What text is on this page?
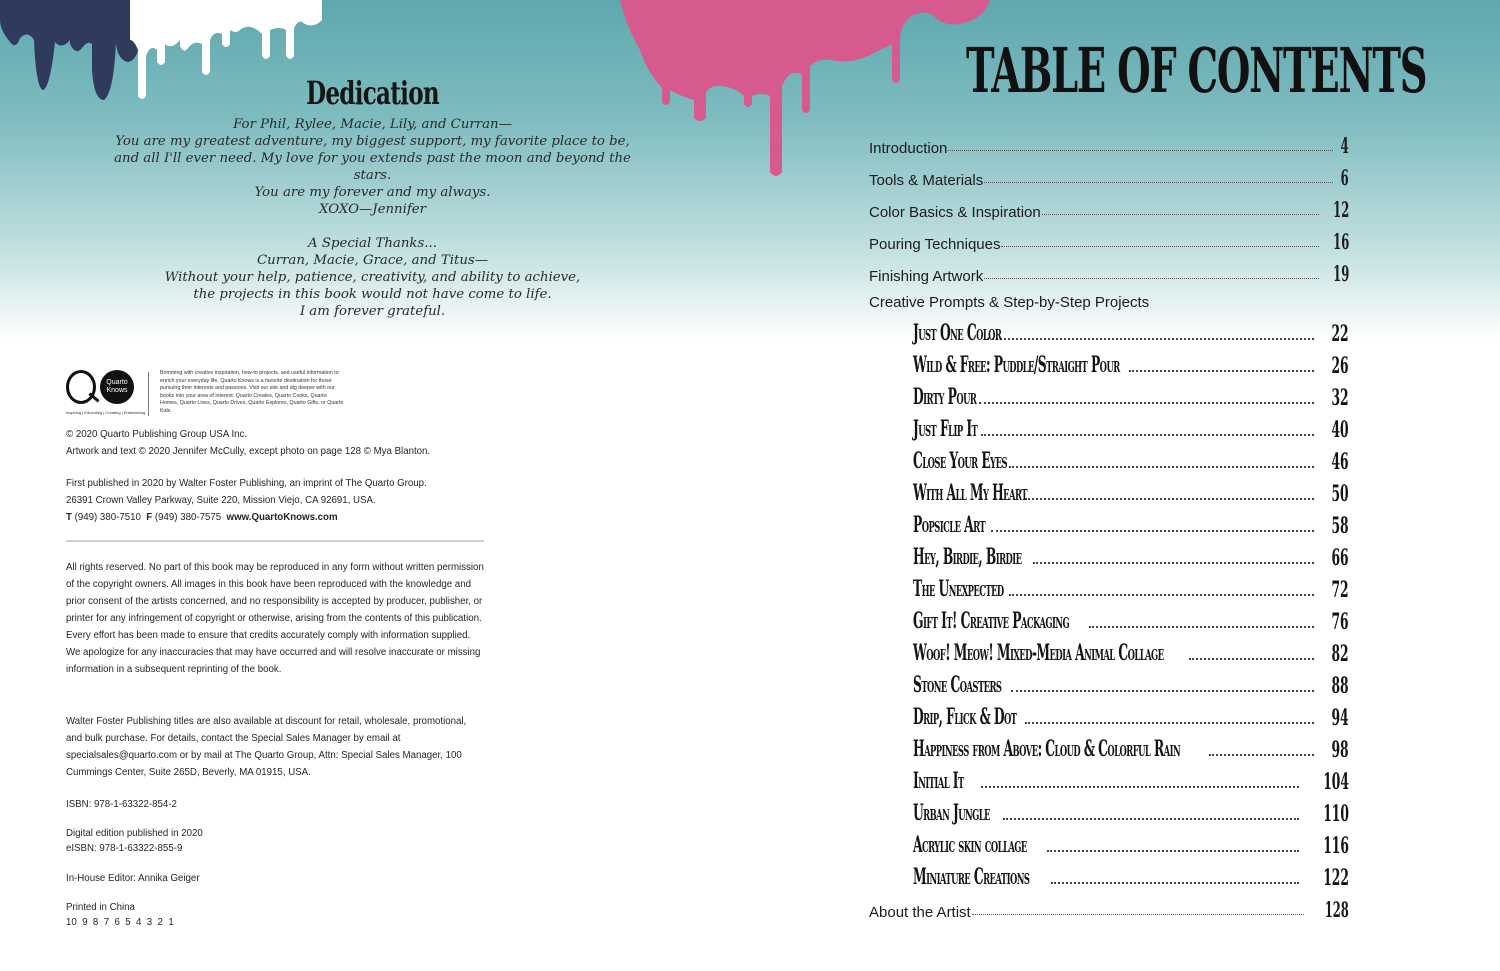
Dedication
For Phil, Rylee, Macie, Lily, and Curran—
You are my greatest adventure, my biggest support, my favorite place to be,
and all I'll ever need. My love for you extends past the moon and beyond the stars.
You are my forever and my always.
XOXO—Jennifer
A Special Thanks...
Curran, Macie, Grace, and Titus—
Without your help, patience, creativity, and ability to achieve,
the projects in this book would not have come to life.
I am forever grateful.
Quarto
Knows
Inspiring | Educating | Creating | Entertaining
Brimming with creative inspiration, how-to projects, and useful information to enrich your everyday life, Quarto Knows is a favorite destination for those pursuing their interests and passions. Visit our site and dig deeper with our books into your area of interest: Quarto Creates, Quarto Cooks, Quarto Homes, Quarto Lives, Quarto Drives, Quarto Explores, Quarto Gifts, or Quarto Kids.
© 2020 Quarto Publishing Group USA Inc.
Artwork and text © 2020 Jennifer McCully, except photo on page 128 © Mya Blanton.
First published in 2020 by Walter Foster Publishing, an imprint of The Quarto Group.
26391 Crown Valley Parkway, Suite 220, Mission Viejo, CA 92691, USA.
T (949) 380-7510 F (949) 380-7575 www.QuartoKnows.com
All rights reserved. No part of this book may be reproduced in any form without written permission of the copyright owners. All images in this book have been reproduced with the knowledge and prior consent of the artists concerned, and no responsibility is accepted by producer, publisher, or printer for any infringement of copyright or otherwise, arising from the contents of this publication. Every effort has been made to ensure that credits accurately comply with information supplied. We apologize for any inaccuracies that may have occurred and will resolve inaccurate or missing information in a subsequent reprinting of the book.
Walter Foster Publishing titles are also available at discount for retail, wholesale, promotional, and bulk purchase. For details, contact the Special Sales Manager by email at specialsales@quarto.com or by mail at The Quarto Group, Attn: Special Sales Manager, 100 Cummings Center, Suite 265D, Beverly, MA 01915, USA.
ISBN: 978-1-63322-854-2
Digital edition published in 2020
eISBN: 978-1-63322-855-9
In-House Editor: Annika Geiger
Printed in China
10  9  8  7  6  5  4  3  2  1
TABLE OF CONTENTS
Introduction	4
Tools & Materials	6
Color Basics & Inspiration	12
Pouring Techniques	16
Finishing Artwork	19
Creative Prompts & Step-by-Step Projects
Just One Color	22
Wild & Free: Puddle/Straight Pour	26
Dirty Pour	32
Just Flip It	40
Close Your Eyes	46
With All My Heart	50
Popsicle Art	58
Hey, Birdie, Birdie	66
The Unexpected	72
Gift It! Creative Packaging	76
Woof! Meow! Mixed-Media Animal Collage	82
Stone Coasters	88
Drip, Flick & Dot	94
Happiness from Above: Cloud & Colorful Rain	98
Initial It	104
Urban Jungle	110
Acrylic skin collage	116
Miniature Creations	122
About the Artist	128
